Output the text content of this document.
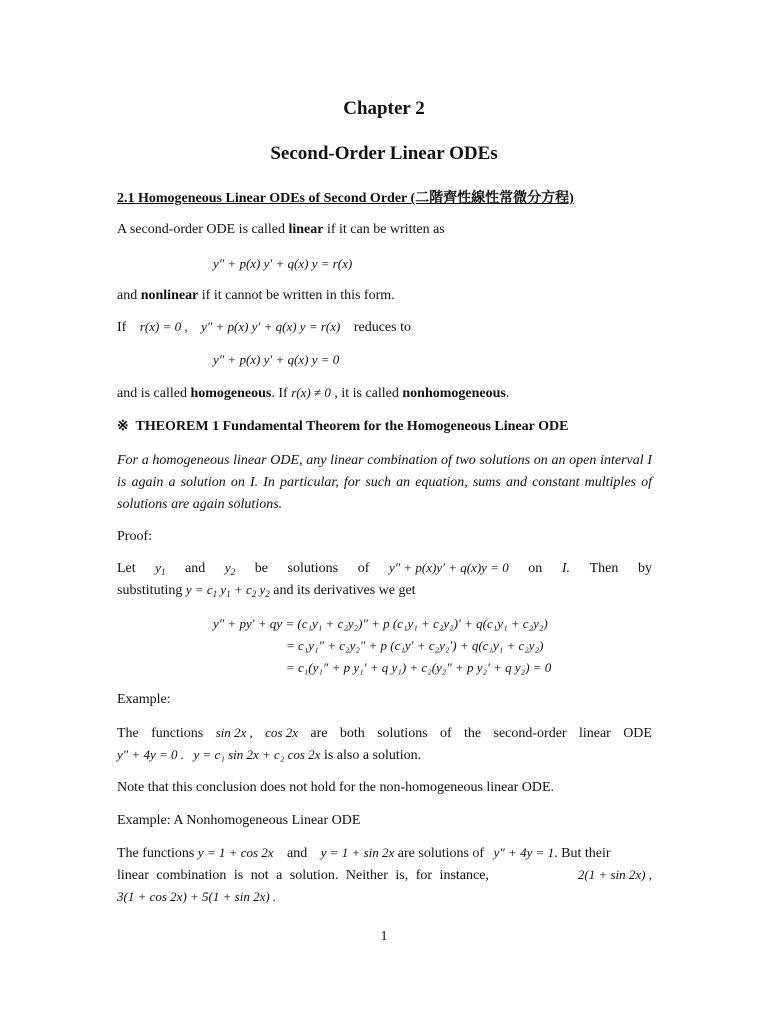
Chapter 2
Second-Order Linear ODEs
2.1 Homogeneous Linear ODEs of Second Order (二階齊性線性常微分方程)
A second-order ODE is called linear if it can be written as
y″ + p(x) y′ + q(x) y = r(x)
and nonlinear if it cannot be written in this form.
If r(x) = 0 , y″ + p(x) y′ + q(x) y = r(x) reduces to
y″ + p(x) y′ + q(x) y = 0
and is called homogeneous. If r(x) ≠ 0 , it is called nonhomogeneous.
※ THEOREM 1 Fundamental Theorem for the Homogeneous Linear ODE
For a homogeneous linear ODE, any linear combination of two solutions on an open interval I is again a solution on I. In particular, for such an equation, sums and constant multiples of solutions are again solutions.
Proof:
Let $y_1$ and $y_2$ be solutions of y″ + p(x)y′ + q(x)y = 0 on I. Then by
substituting $y = c_1$ $y_1 + c_2$ $y_2$ and its derivatives we get
y″ + py′ + qy = (c₁y₁ + c₂y₂)″ + p (c₁y₁ + c₂y₂)′ + q(c₁y₁ + c₂y₂)
= c₁y₁″ + c₂y₂″ + p (c₁y′ + c₂y₂′) + q(c₁y₁ + c₂y₂)
= c₁(y₁″ + p y₁′ + q y₁) + c₂(y₂″ + p y₂′ + q y₂) = 0
Example:
The functions sin 2x , cos 2x are both solutions of the second-order linear ODE
y″ + 4y = 0 . y = c₁ sin 2x + c₂ cos 2x is also a solution.
Note that this conclusion does not hold for the non-homogeneous linear ODE.
Example: A Nonhomogeneous Linear ODE
The functions y = 1 + cos 2x and y = 1 + sin 2x are solutions of y″ + 4y = 1. But their
linear combination is not a solution. Neither is, for instance,	2(1 + sin 2x) ,
3(1 + cos 2x) + 5(1 + sin 2x) .
1
